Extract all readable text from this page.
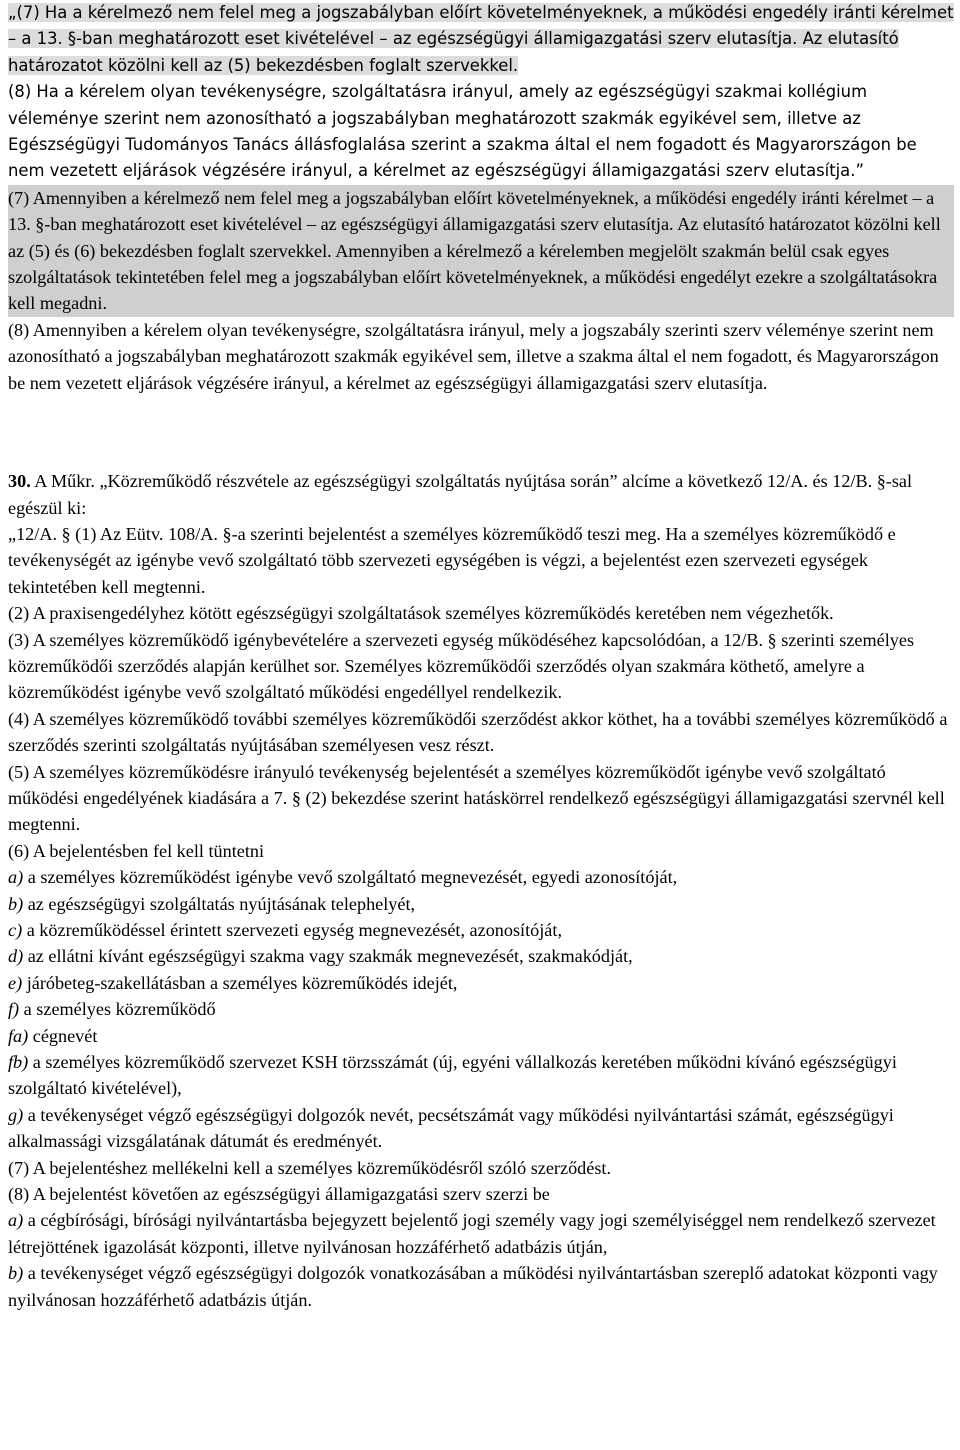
„(7) Ha a kérelmező nem felel meg a jogszabályban előírt követelményeknek, a működési engedély iránti kérelmet – a 13. §-ban meghatározott eset kivételével – az egészségügyi államigazgatási szerv elutasítja. Az elutasító határozatot közölni kell az (5) bekezdésben foglalt szervekkel.
(8) Ha a kérelem olyan tevékenységre, szolgáltatásra irányul, amely az egészségügyi szakmai kollégium véleménye szerint nem azonosítható a jogszabályban meghatározott szakmák egyikével sem, illetve az Egészségügyi Tudományos Tanács állásfoglalása szerint a szakma által el nem fogadott és Magyarországon be nem vezetett eljárások végzésére irányul, a kérelmet az egészségügyi államigazgatási szerv elutasítja.”
(7) Amennyiben a kérelmező nem felel meg a jogszabályban előírt követelményeknek, a működési engedély iránti kérelmet – a 13. §-ban meghatározott eset kivételével – az egészségügyi államigazgatási szerv elutasítja. Az elutasító határozatot közölni kell az (5) és (6) bekezdésben foglalt szervekkel. Amennyiben a kérelmező a kérelemben megjelölt szakmán belül csak egyes szolgáltatások tekintetében felel meg a jogszabályban előírt követelményeknek, a működési engedélyt ezekre a szolgáltatásokra kell megadni.
(8) Amennyiben a kérelem olyan tevékenységre, szolgáltatásra irányul, mely a jogszabály szerinti szerv véleménye szerint nem azonosítható a jogszabályban meghatározott szakmák egyikével sem, illetve a szakma által el nem fogadott, és Magyarországon be nem vezetett eljárások végzésére irányul, a kérelmet az egészségügyi államigazgatási szerv elutasítja.
30. A Műkr. „Közreműködő részvétele az egészségügyi szolgáltatás nyújtása során” alcíme a következő 12/A. és 12/B. §-sal egészül ki:
„12/A. § (1) Az Eütv. 108/A. §-a szerinti bejelentést a személyes közreműködő teszi meg. Ha a személyes közreműködő e tevékenységét az igénybe vevő szolgáltató több szervezeti egységében is végzi, a bejelentést ezen szervezeti egységek tekintetében kell megtenni.
(2) A praxisengedélyhez kötött egészségügyi szolgáltatások személyes közreműködés keretében nem végezhetők.
(3) A személyes közreműködő igénybevételére a szervezeti egység működéséhez kapcsolódóan, a 12/B. § szerinti személyes közreműködői szerződés alapján kerülhet sor. Személyes közreműködői szerződés olyan szakmára köthető, amelyre a közreműködést igénybe vevő szolgáltató működési engedéllyel rendelkezik.
(4) A személyes közreműködő további személyes közreműködői szerződést akkor köthet, ha a további személyes közreműködő a szerződés szerinti szolgáltatás nyújtásában személyesen vesz részt.
(5) A személyes közreműködésre irányuló tevékenység bejelentését a személyes közreműködőt igénybe vevő szolgáltató működési engedélyének kiadására a 7. § (2) bekezdése szerint hatáskörrel rendelkező egészségügyi államigazgatási szervnél kell megtenni.
(6) A bejelentésben fel kell tüntetni
a) a személyes közreműködést igénybe vevő szolgáltató megnevezését, egyedi azonosítóját,
b) az egészségügyi szolgáltatás nyújtásának telephelyét,
c) a közreműködéssel érintett szervezeti egység megnevezését, azonosítóját,
d) az ellátni kívánt egészségügyi szakma vagy szakmák megnevezését, szakmakódját,
e) járóbeteg-szakellátásban a személyes közreműködés idejét,
f) a személyes közreműködő
fa) cégnevét
fb) a személyes közreműködő szervezet KSH törzsszámát (új, egyéni vállalkozás keretében működni kívánó egészségügyi szolgáltató kivételével),
g) a tevékenységet végző egészségügyi dolgozók nevét, pecsétszámát vagy működési nyilvántartási számát, egészségügyi alkalmassági vizsgálatának dátumát és eredményét.
(7) A bejelentéshez mellékelni kell a személyes közreműködésről szóló szerződést.
(8) A bejelentést követően az egészségügyi államigazgatási szerv szerzi be
a) a cégbírósági, bírósági nyilvántartásba bejegyzett bejelentő jogi személy vagy jogi személyiséggel nem rendelkező szervezet létrejöttének igazolását központi, illetve nyilvánosan hozzáférhető adatbázis útján,
b) a tevékenységet végző egészségügyi dolgozók vonatkozásában a működési nyilvántartásban szereplő adatokat központi vagy nyilvánosan hozzáférhető adatbázis útján.
